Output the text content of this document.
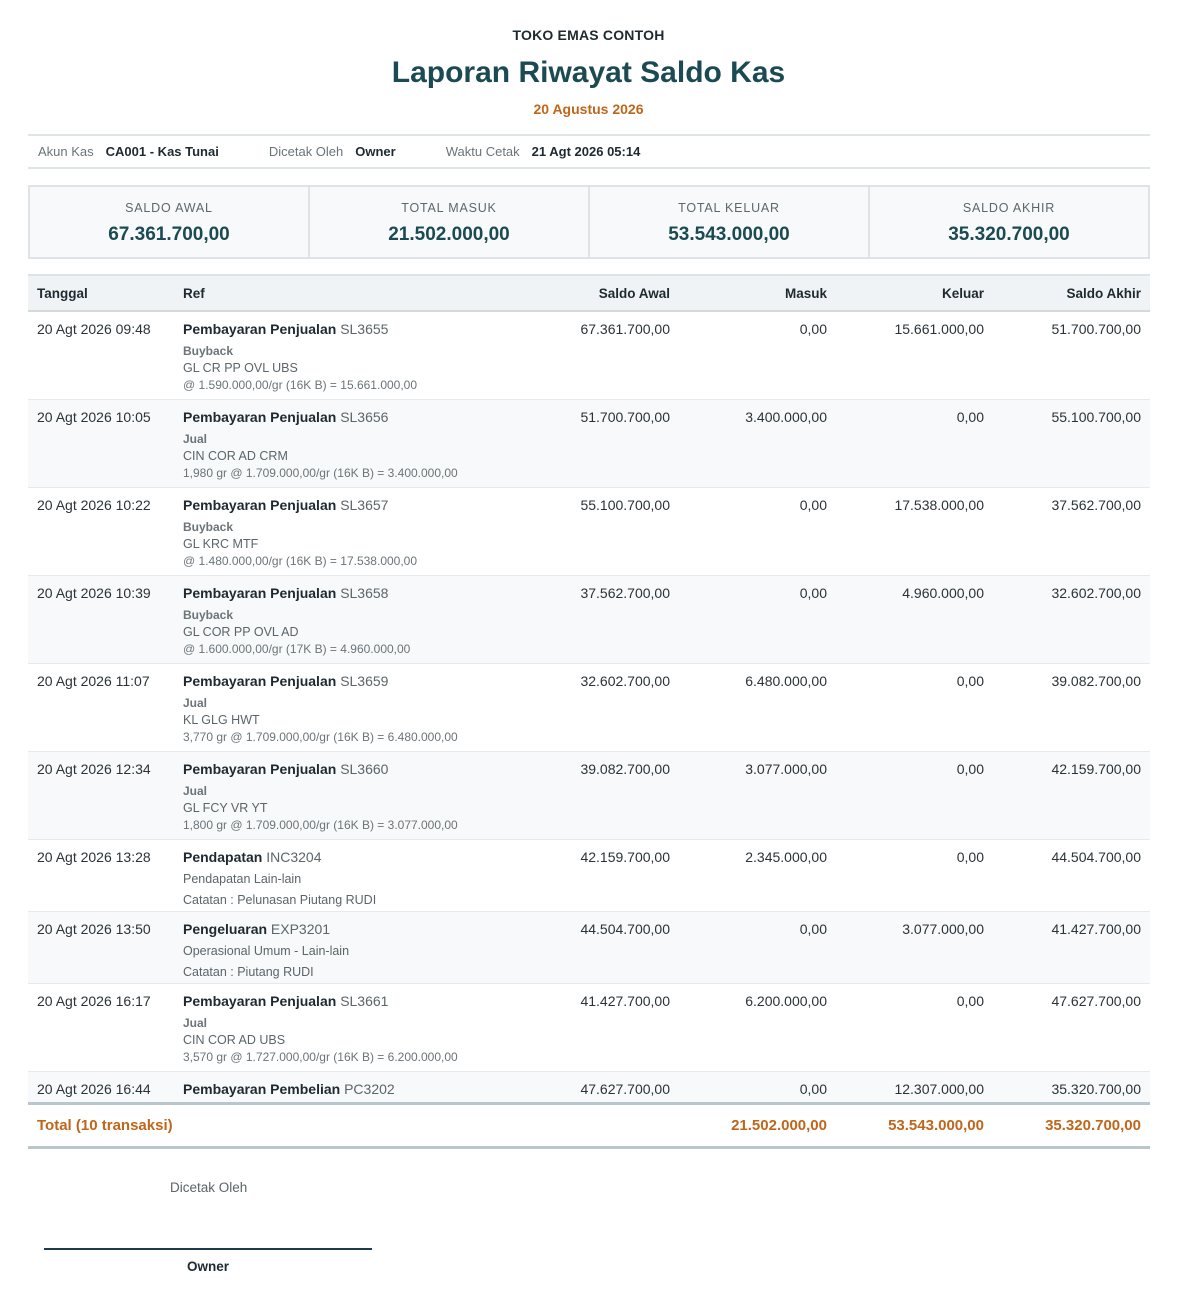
TOKO EMAS CONTOH
Laporan Riwayat Saldo Kas
20 Agustus 2026
Akun Kas CA001 - Kas Tunai	Dicetak Oleh Owner	Waktu Cetak 21 Agt 2026 05:14
SALDO AWAL
67.361.700,00
TOTAL MASUK
21.502.000,00
TOTAL KELUAR
53.543.000,00
SALDO AKHIR
35.320.700,00
Tanggal	Ref	Saldo Awal	Masuk	Keluar	Saldo Akhir
20 Agt 2026 09:48	Pembayaran Penjualan SL3655
Buyback
GL CR PP OVL UBS
@ 1.590.000,00/gr (16K B) = 15.661.000,00	67.361.700,00	0,00	15.661.000,00	51.700.700,00
20 Agt 2026 10:05	Pembayaran Penjualan SL3656
Jual
CIN COR AD CRM
1,980 gr @ 1.709.000,00/gr (16K B) = 3.400.000,00	51.700.700,00	3.400.000,00	0,00	55.100.700,00
20 Agt 2026 10:22	Pembayaran Penjualan SL3657
Buyback
GL KRC MTF
@ 1.480.000,00/gr (16K B) = 17.538.000,00	55.100.700,00	0,00	17.538.000,00	37.562.700,00
20 Agt 2026 10:39	Pembayaran Penjualan SL3658
Buyback
GL COR PP OVL AD
@ 1.600.000,00/gr (17K B) = 4.960.000,00	37.562.700,00	0,00	4.960.000,00	32.602.700,00
20 Agt 2026 11:07	Pembayaran Penjualan SL3659
Jual
KL GLG HWT
3,770 gr @ 1.709.000,00/gr (16K B) = 6.480.000,00	32.602.700,00	6.480.000,00	0,00	39.082.700,00
20 Agt 2026 12:34	Pembayaran Penjualan SL3660
Jual
GL FCY VR YT
1,800 gr @ 1.709.000,00/gr (16K B) = 3.077.000,00	39.082.700,00	3.077.000,00	0,00	42.159.700,00
20 Agt 2026 13:28	Pendapatan INC3204
Pendapatan Lain-lain
Catatan : Pelunasan Piutang RUDI	42.159.700,00	2.345.000,00	0,00	44.504.700,00
20 Agt 2026 13:50	Pengeluaran EXP3201
Operasional Umum - Lain-lain
Catatan : Piutang RUDI	44.504.700,00	0,00	3.077.000,00	41.427.700,00
20 Agt 2026 16:17	Pembayaran Penjualan SL3661
Jual
CIN COR AD UBS
3,570 gr @ 1.727.000,00/gr (16K B) = 6.200.000,00	41.427.700,00	6.200.000,00	0,00	47.627.700,00
20 Agt 2026 16:44	Pembayaran Pembelian PC3202	47.627.700,00	0,00	12.307.000,00	35.320.700,00
Total (10 transaksi)			21.502.000,00	53.543.000,00	35.320.700,00
Dicetak Oleh
Owner
